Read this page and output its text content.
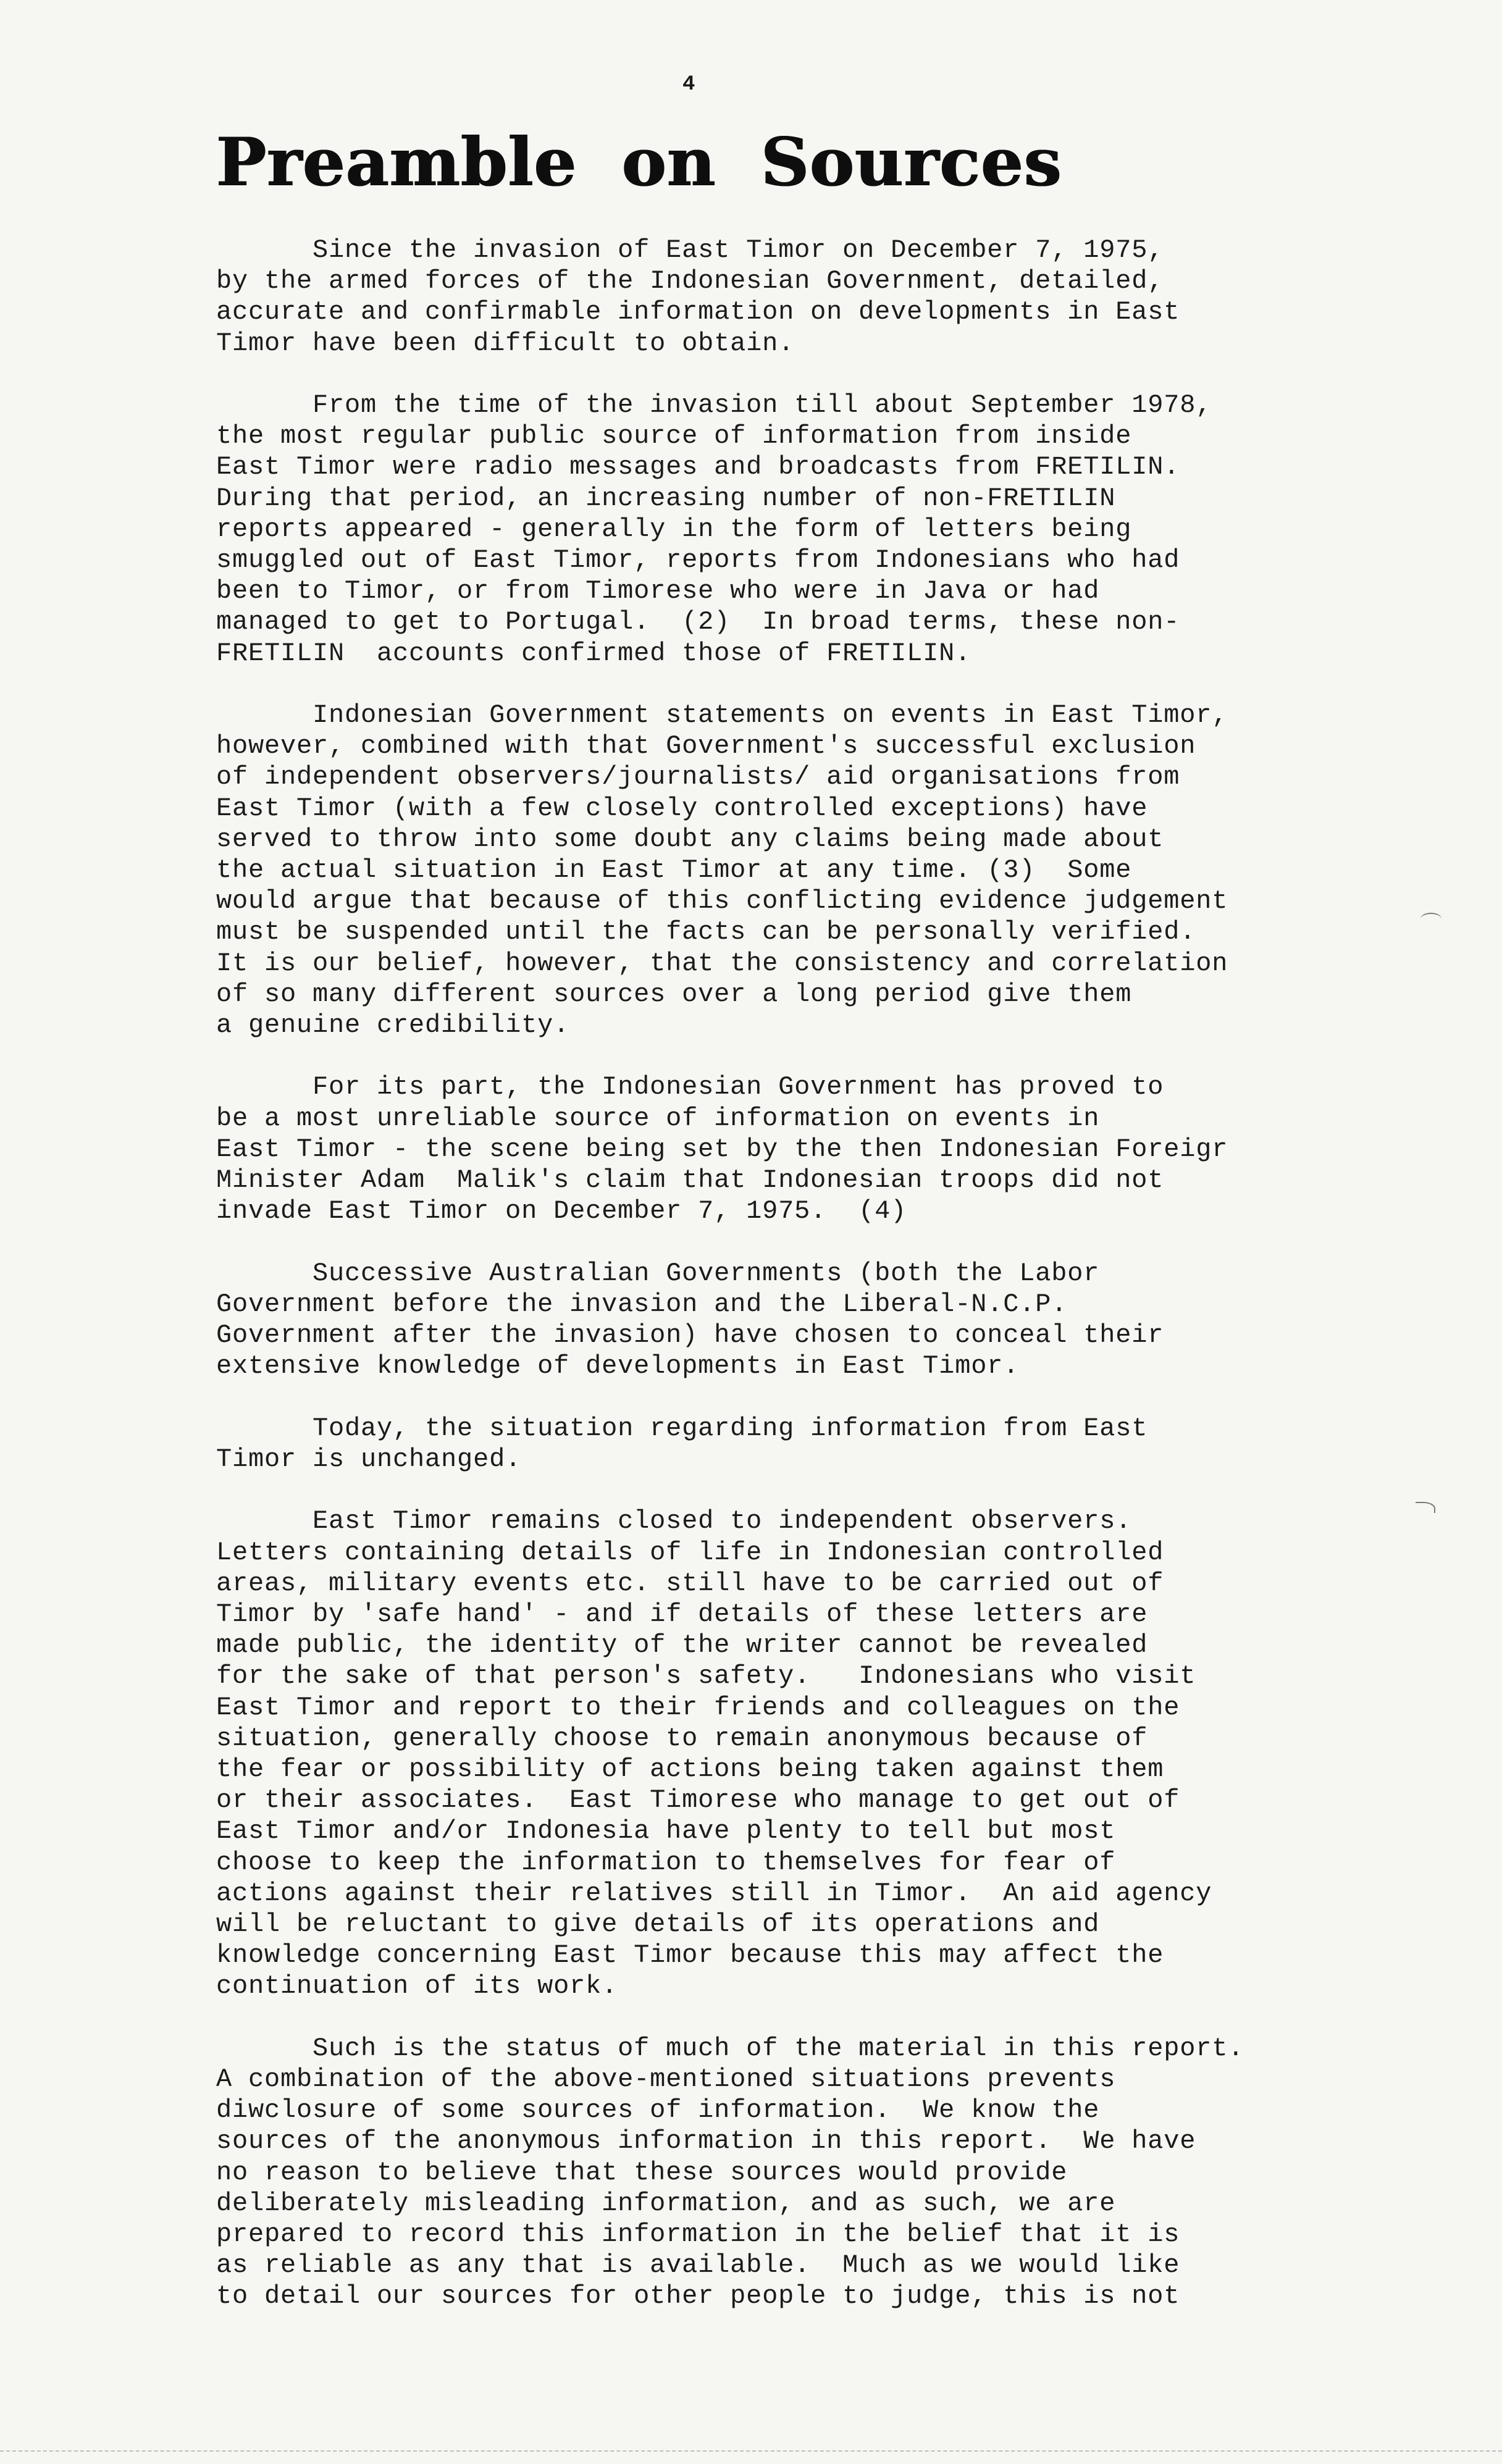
4
Preamble on Sources
Since the invasion of East Timor on December 7, 1975,
by the armed forces of the Indonesian Government, detailed,
accurate and confirmable information on developments in East
Timor have been difficult to obtain.

From the time of the invasion till about September 1978,
the most regular public source of information from inside
East Timor were radio messages and broadcasts from FRETILIN.
During that period, an increasing number of non-FRETILIN
reports appeared - generally in the form of letters being
smuggled out of East Timor, reports from Indonesians who had
been to Timor, or from Timorese who were in Java or had
managed to get to Portugal.  (2)  In broad terms, these non-
FRETILIN  accounts confirmed those of FRETILIN.

Indonesian Government statements on events in East Timor,
however, combined with that Government's successful exclusion
of independent observers/journalists/ aid organisations from
East Timor (with a few closely controlled exceptions) have
served to throw into some doubt any claims being made about
the actual situation in East Timor at any time. (3)  Some
would argue that because of this conflicting evidence judgement
must be suspended until the facts can be personally verified.
It is our belief, however, that the consistency and correlation
of so many different sources over a long period give them
a genuine credibility.

For its part, the Indonesian Government has proved to
be a most unreliable source of information on events in
East Timor - the scene being set by the then Indonesian Foreigr
Minister Adam  Malik's claim that Indonesian troops did not
invade East Timor on December 7, 1975.  (4)

Successive Australian Governments (both the Labor
Government before the invasion and the Liberal-N.C.P.
Government after the invasion) have chosen to conceal their
extensive knowledge of developments in East Timor.

Today, the situation regarding information from East
Timor is unchanged.

East Timor remains closed to independent observers.
Letters containing details of life in Indonesian controlled
areas, military events etc. still have to be carried out of
Timor by 'safe hand' - and if details of these letters are
made public, the identity of the writer cannot be revealed
for the sake of that person's safety.   Indonesians who visit
East Timor and report to their friends and colleagues on the
situation, generally choose to remain anonymous because of
the fear or possibility of actions being taken against them
or their associates.  East Timorese who manage to get out of
East Timor and/or Indonesia have plenty to tell but most
choose to keep the information to themselves for fear of
actions against their relatives still in Timor.  An aid agency
will be reluctant to give details of its operations and
knowledge concerning East Timor because this may affect the
continuation of its work.

Such is the status of much of the material in this report.
A combination of the above-mentioned situations prevents
diwclosure of some sources of information.  We know the
sources of the anonymous information in this report.  We have
no reason to believe that these sources would provide
deliberately misleading information, and as such, we are
prepared to record this information in the belief that it is
as reliable as any that is available.  Much as we would like
to detail our sources for other people to judge, this is not
